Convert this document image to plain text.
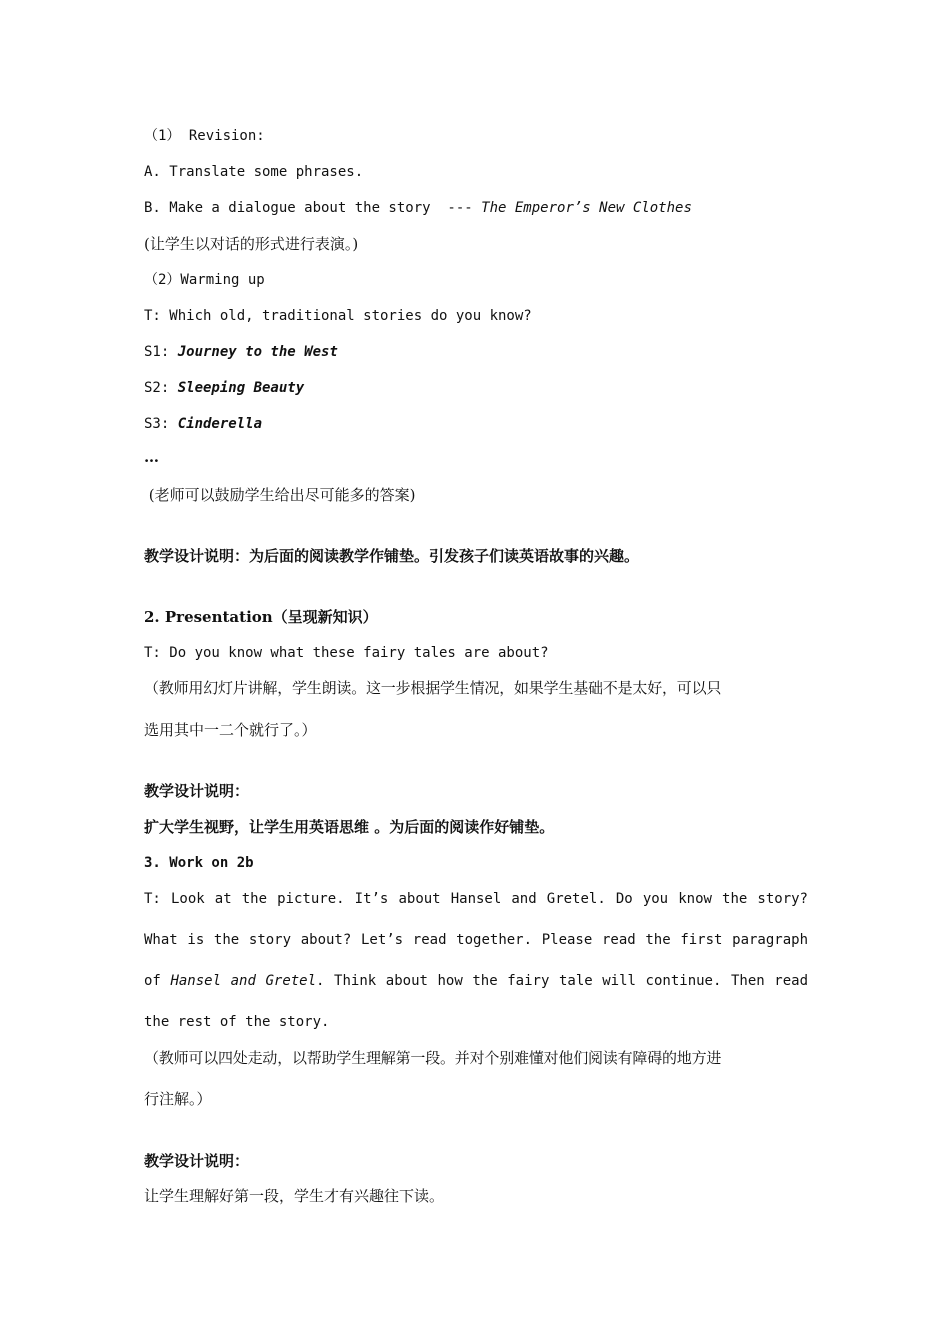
（1） Revision:

A. Translate some phrases.

B. Make a dialogue about the story  --- The Emperor’s New Clothes

(让学生以对话的形式进行表演。)

（2）Warming up

T: Which old, traditional stories do you know?

S1: Journey to the West

S2: Sleeping Beauty

S3: Cinderella

…

(老师可以鼓励学生给出尽可能多的答案)

教学设计说明：为后面的阅读教学作铺垫。引发孩子们读英语故事的兴趣。

2. Presentation（呈现新知识）

T: Do you know what these fairy tales are about?

（教师用幻灯片讲解，学生朗读。这一步根据学生情况，如果学生基础不是太好，可以只

选用其中一二个就行了。）

教学设计说明：

扩大学生视野，让学生用英语思维 。为后面的阅读作好铺垫。

3. Work on 2b

T: Look at the picture. It’s about Hansel and Gretel. Do you know the story?

What is the story about? Let’s read together. Please read the first paragraph

of Hansel and Gretel. Think about how the fairy tale will continue. Then read

the rest of the story.

（教师可以四处走动，以帮助学生理解第一段。并对个别难懂对他们阅读有障碍的地方进

行注解。）

教学设计说明：

让学生理解好第一段，学生才有兴趣往下读。
